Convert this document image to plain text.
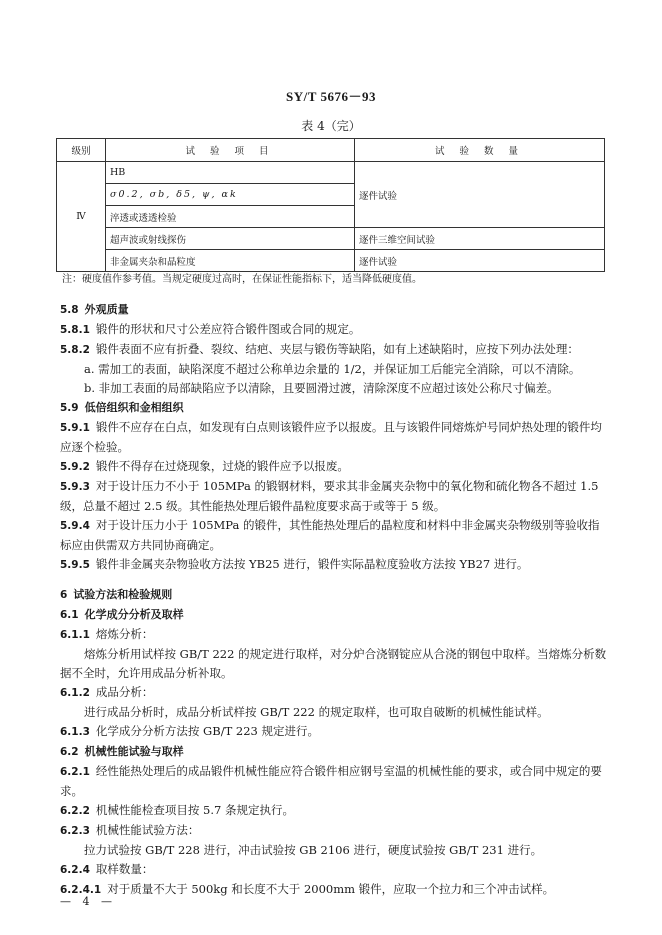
SY/T 5676－93
表 4（完）
级别	试 验 项 目	试 验 数 量
Ⅳ	HB	逐件试验
	σ0.2, σb, δ5, ψ, αk	
	淬透或透透检验	
	超声波或射线探伤	逐件三维空间试验
	非金属夹杂和晶粒度	逐件试验
注：硬度值作参考值。当规定硬度过高时，在保证性能指标下，适当降低硬度值。

5.8 外观质量

5.8.1 锻件的形状和尺寸公差应符合锻件图或合同的规定。

5.8.2 锻件表面不应有折叠、裂纹、结疤、夹层与锻伤等缺陷，如有上述缺陷时，应按下列办法处理：

a. 需加工的表面，缺陷深度不超过公称单边余量的 1/2，并保证加工后能完全消除，可以不清除。

b. 非加工表面的局部缺陷应予以清除，且要圆滑过渡，清除深度不应超过该处公称尺寸偏差。

5.9 低倍组织和金相组织

5.9.1 锻件不应存在白点，如发现有白点则该锻件应予以报废。且与该锻件同熔炼炉号同炉热处理的锻件均应逐个检验。

5.9.2 锻件不得存在过烧现象，过烧的锻件应予以报废。

5.9.3 对于设计压力不小于 105MPa 的锻钢材料，要求其非金属夹杂物中的氧化物和硫化物各不超过 1.5 级，总量不超过 2.5 级。其性能热处理后锻件晶粒度要求高于或等于 5 级。

5.9.4 对于设计压力小于 105MPa 的锻件，其性能热处理后的晶粒度和材料中非金属夹杂物级别等验收指标应由供需双方共同协商确定。

5.9.5 锻件非金属夹杂物验收方法按 YB25 进行，锻件实际晶粒度验收方法按 YB27 进行。

6 试验方法和检验规则

6.1 化学成分分析及取样

6.1.1 熔炼分析：

熔炼分析用试样按 GB/T 222 的规定进行取样，对分炉合浇钢锭应从合浇的钢包中取样。当熔炼分析数据不全时，允许用成品分析补取。

6.1.2 成品分析：

进行成品分析时，成品分析试样按 GB/T 222 的规定取样，也可取自破断的机械性能试样。

6.1.3 化学成分分析方法按 GB/T 223 规定进行。

6.2 机械性能试验与取样

6.2.1 经性能热处理后的成品锻件机械性能应符合锻件相应钢号室温的机械性能的要求，或合同中规定的要求。

6.2.2 机械性能检查项目按 5.7 条规定执行。

6.2.3 机械性能试验方法：

拉力试验按 GB/T 228 进行，冲击试验按 GB 2106 进行，硬度试验按 GB/T 231 进行。

6.2.4 取样数量：

6.2.4.1 对于质量不大于 500kg 和长度不大于 2000mm 锻件，应取一个拉力和三个冲击试样。

— 4 —
